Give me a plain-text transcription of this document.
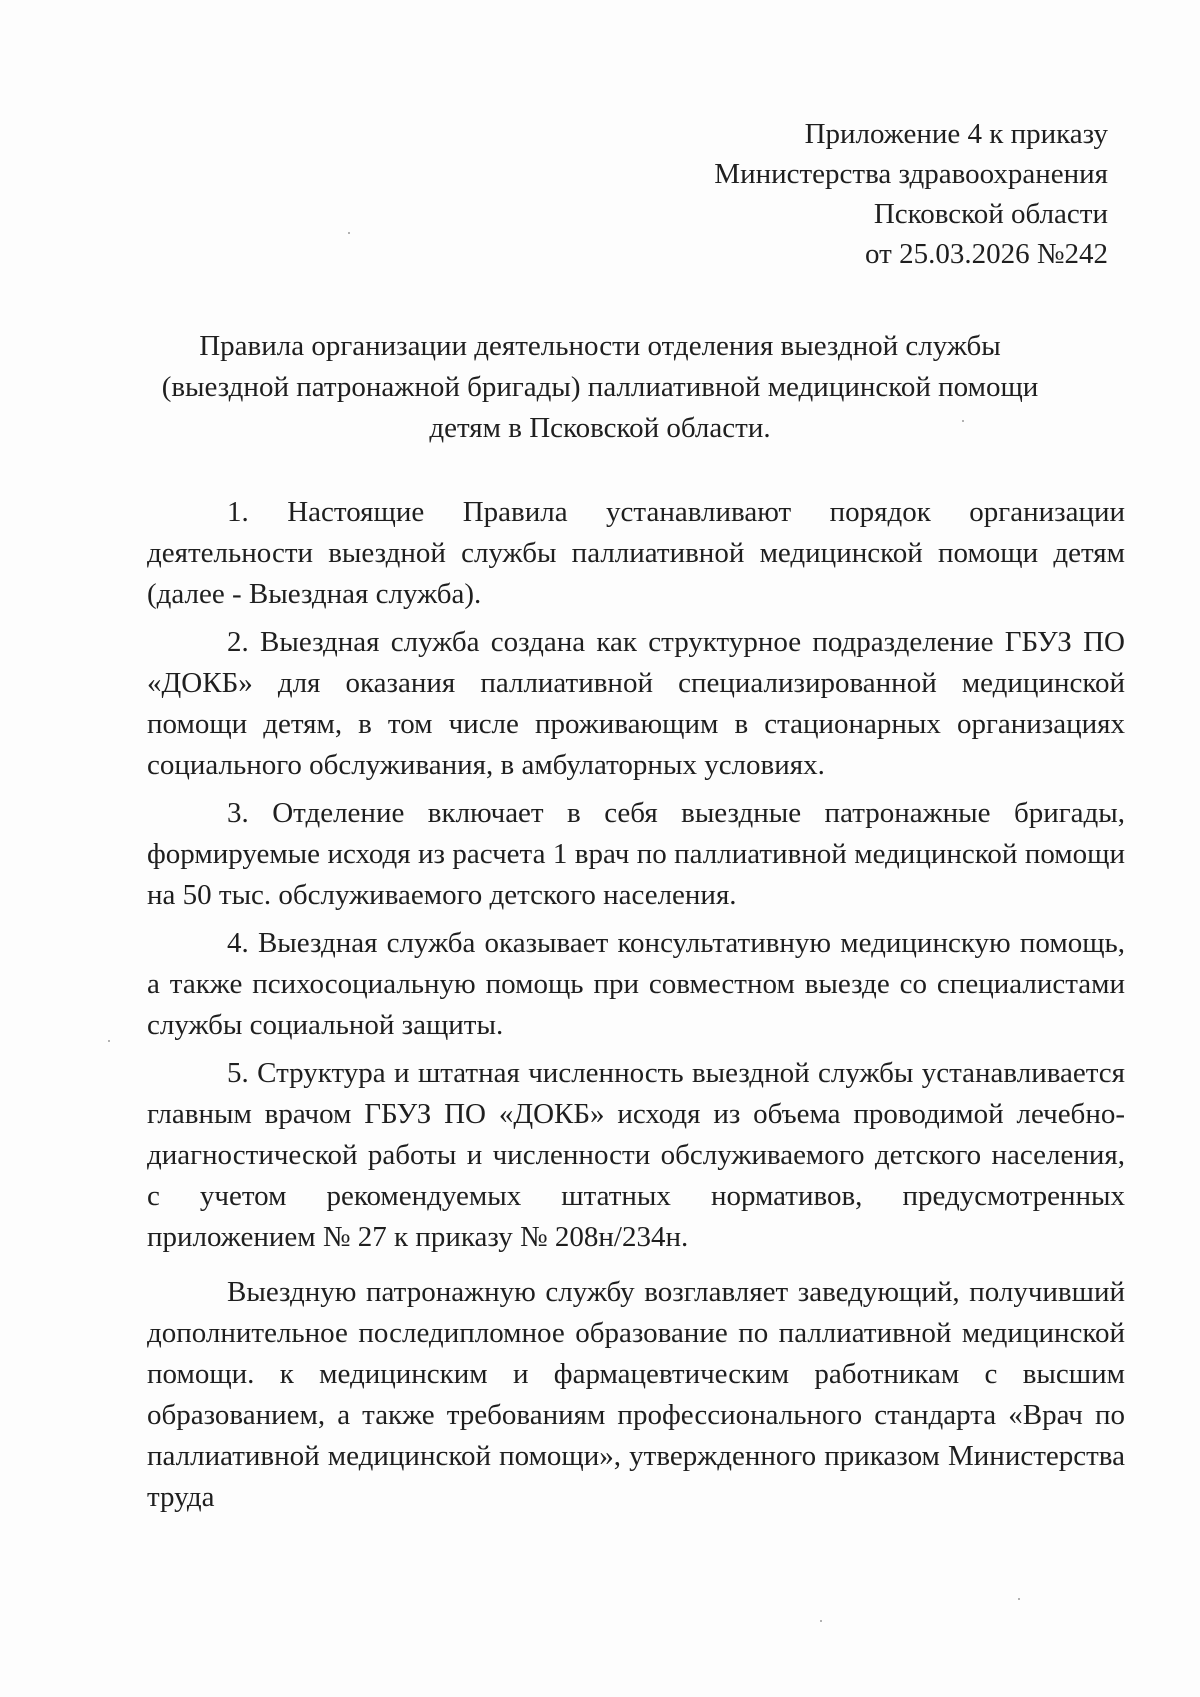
Приложение 4 к приказу
Министерства здравоохранения
Псковской области
от 25.03.2026 №242
Правила организации деятельности отделения выездной службы
(выездной патронажной бригады) паллиативной медицинской помощи
детям в Псковской области.

1. Настоящие Правила устанавливают порядок организации деятельности выездной службы паллиативной медицинской помощи детям (далее - Выездная служба).

2. Выездная служба создана как структурное подразделение ГБУЗ ПО «ДОКБ» для оказания паллиативной специализированной медицинской помощи детям, в том числе проживающим в стационарных организациях социального обслуживания, в амбулаторных условиях.

3. Отделение включает в себя выездные патронажные бригады, формируемые исходя из расчета 1 врач по паллиативной медицинской помощи на 50 тыс. обслуживаемого детского населения.

4. Выездная служба оказывает консультативную медицинскую помощь, а также психосоциальную помощь при совместном выезде со специалистами службы социальной защиты.

5. Структура и штатная численность выездной службы устанавливается главным врачом ГБУЗ ПО «ДОКБ» исходя из объема проводимой лечебно-диагностической работы и численности обслуживаемого детского населения, с учетом рекомендуемых штатных нормативов, предусмотренных приложением № 27 к приказу № 208н/234н.

Выездную патронажную службу возглавляет заведующий, получивший дополнительное последипломное образование по паллиативной медицинской помощи. к медицинским и фармацевтическим работникам с высшим образованием, а также требованиям профессионального стандарта «Врач по паллиативной медицинской помощи», утвержденного приказом Министерства труда
